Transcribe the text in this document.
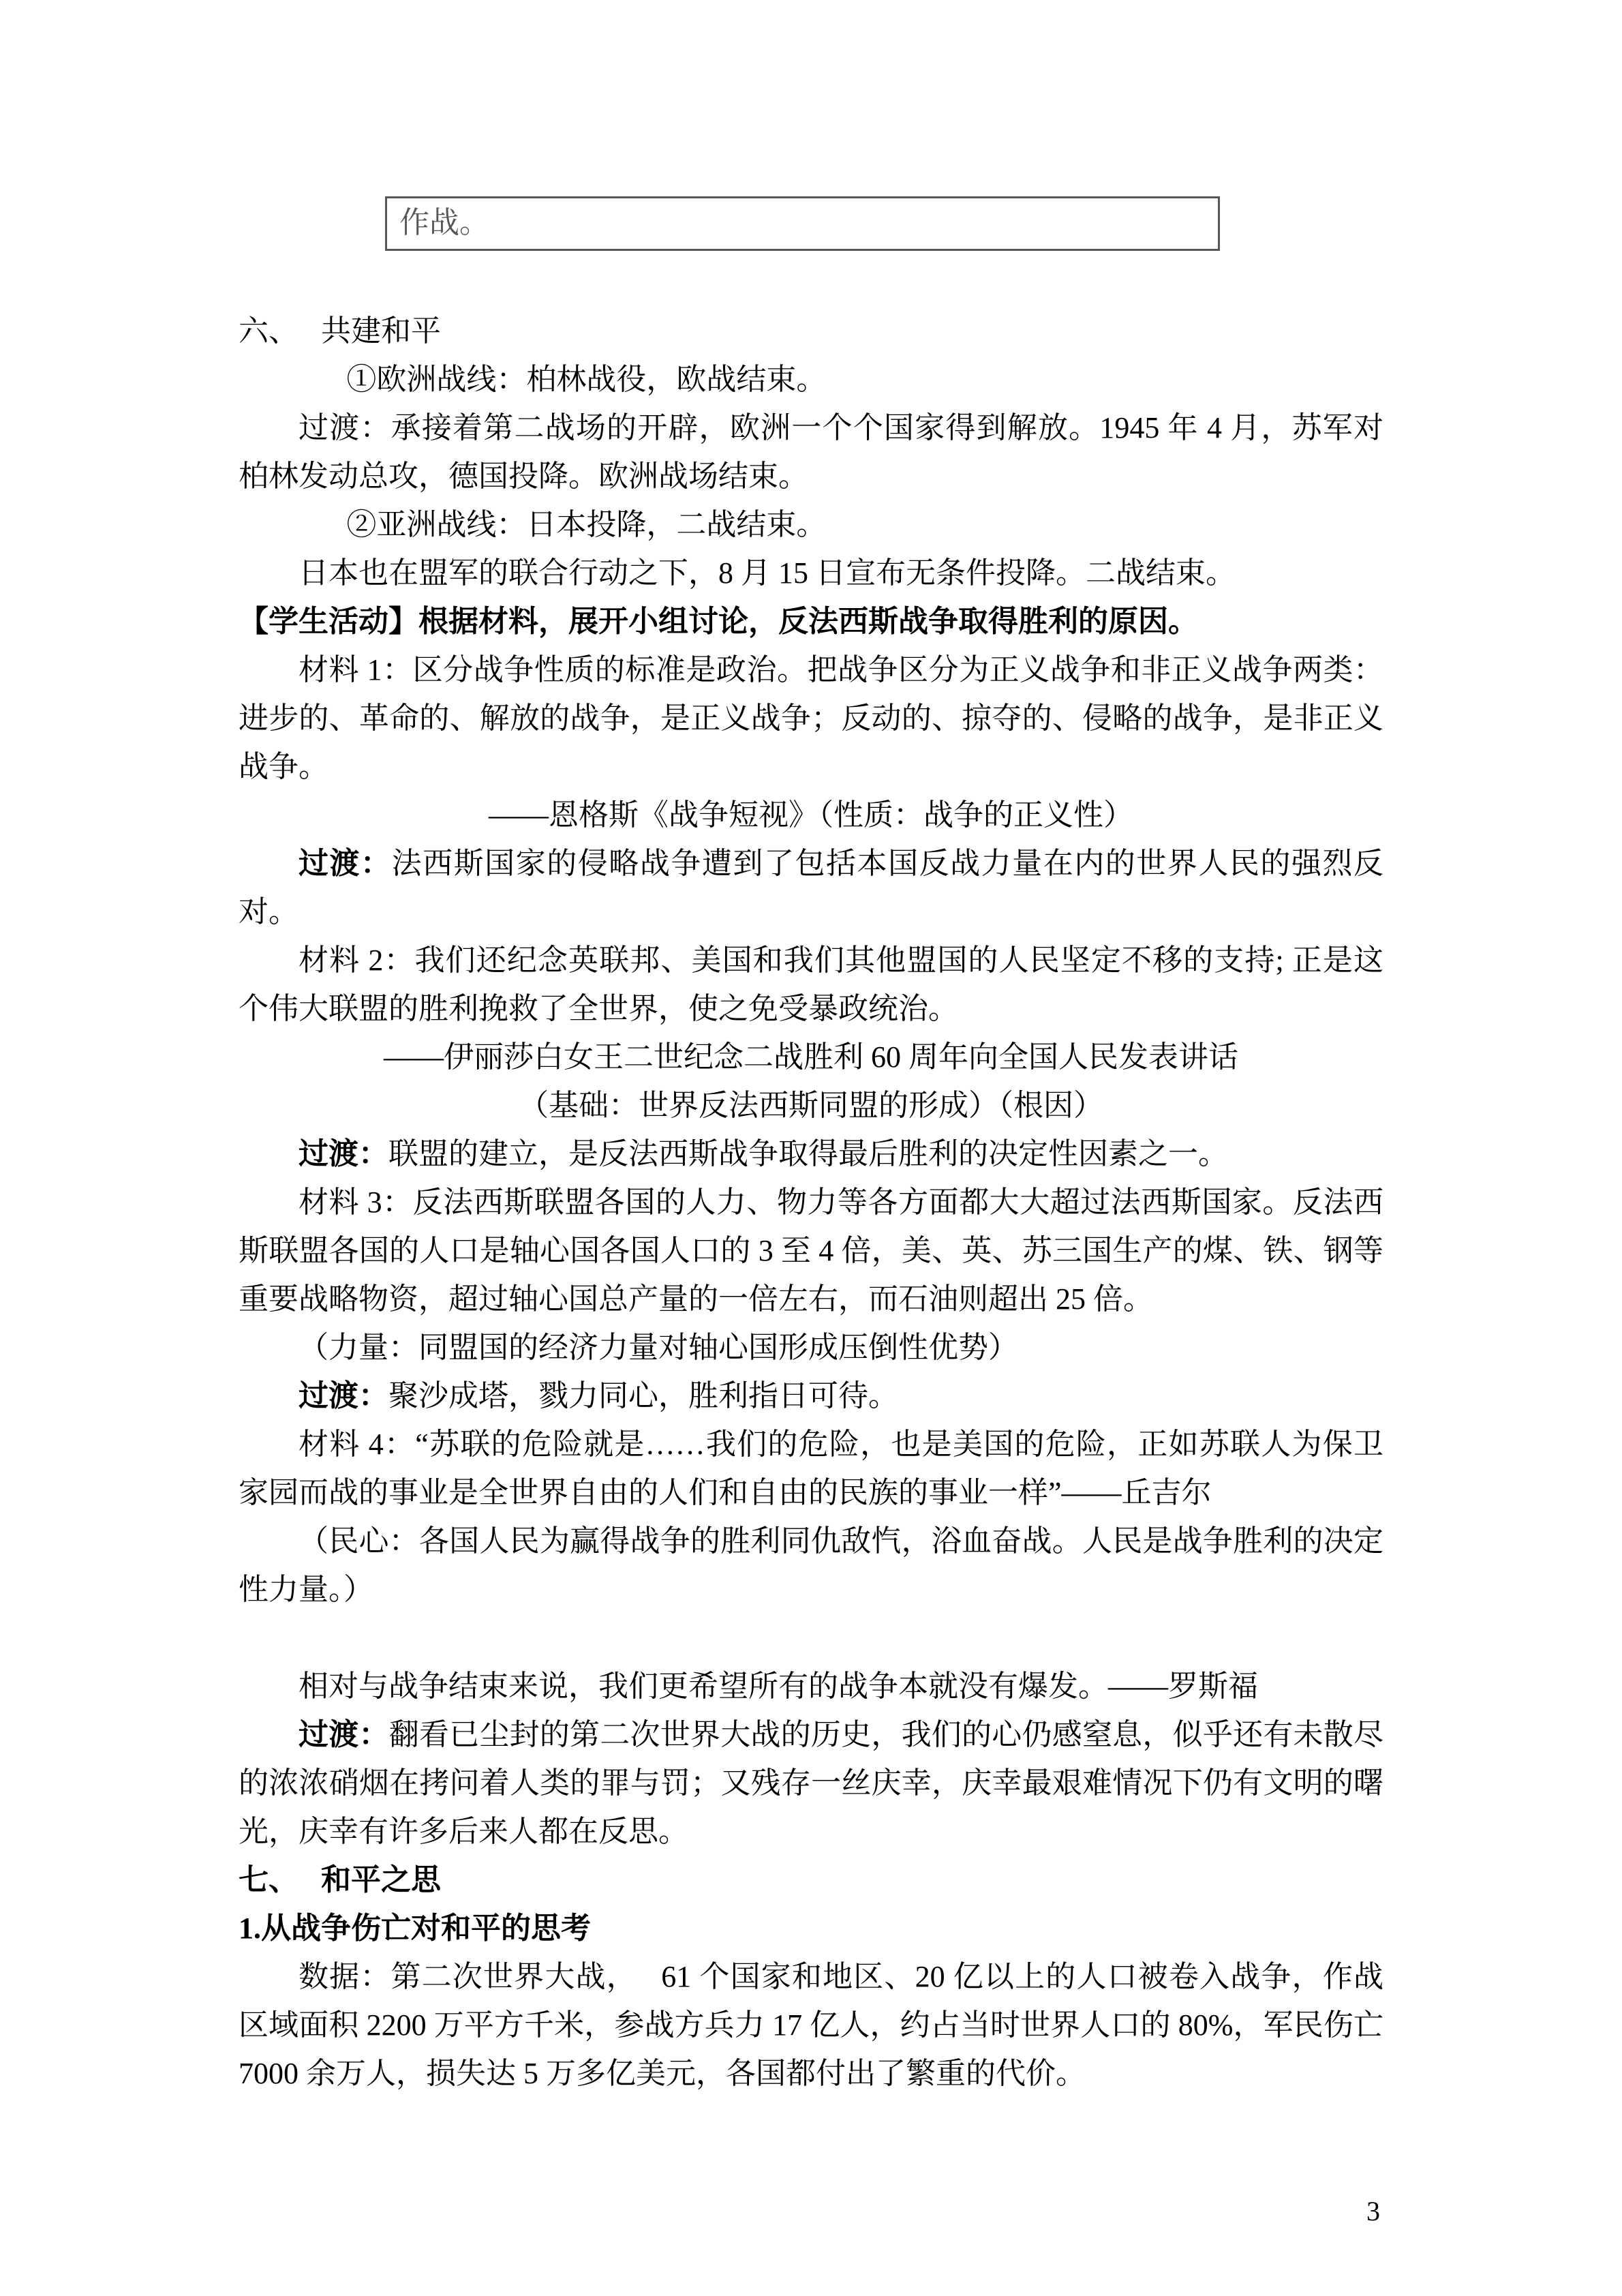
作战。

六、　 共建和平

①欧洲战线：柏林战役，欧战结束。

过渡：承接着第二战场的开辟，欧洲一个个国家得到解放。1945 年 4 月，苏军对柏林发动总攻，德国投降。欧洲战场结束。

②亚洲战线：日本投降，二战结束。

日本也在盟军的联合行动之下，8 月 15 日宣布无条件投降。二战结束。

【学生活动】根据材料，展开小组讨论，反法西斯战争取得胜利的原因。

材料 1：区分战争性质的标准是政治。把战争区分为正义战争和非正义战争两类：进步的、革命的、解放的战争，是正义战争；反动的、掠夺的、侵略的战争，是非正义战争。

——恩格斯《战争短视》（性质：战争的正义性）

过渡：法西斯国家的侵略战争遭到了包括本国反战力量在内的世界人民的强烈反对。

材料 2：我们还纪念英联邦、美国和我们其他盟国的人民坚定不移的支持; 正是这个伟大联盟的胜利挽救了全世界，使之免受暴政统治。

——伊丽莎白女王二世纪念二战胜利 60 周年向全国人民发表讲话

（基础：世界反法西斯同盟的形成）（根因）

过渡：联盟的建立，是反法西斯战争取得最后胜利的决定性因素之一。

材料 3：反法西斯联盟各国的人力、物力等各方面都大大超过法西斯国家。反法西斯联盟各国的人口是轴心国各国人口的 3 至 4 倍，美、英、苏三国生产的煤、铁、钢等重要战略物资，超过轴心国总产量的一倍左右，而石油则超出 25 倍。

（力量：同盟国的经济力量对轴心国形成压倒性优势）

过渡：聚沙成塔，戮力同心，胜利指日可待。

材料 4：“苏联的危险就是……我们的危险，也是美国的危险，正如苏联人为保卫家园而战的事业是全世界自由的人们和自由的民族的事业一样”——丘吉尔

（民心：各国人民为赢得战争的胜利同仇敌忾，浴血奋战。人民是战争胜利的决定性力量。）

相对与战争结束来说，我们更希望所有的战争本就没有爆发。——罗斯福

过渡：翻看已尘封的第二次世界大战的历史，我们的心仍感窒息，似乎还有未散尽的浓浓硝烟在拷问着人类的罪与罚；又残存一丝庆幸，庆幸最艰难情况下仍有文明的曙光，庆幸有许多后来人都在反思。

七、　 和平之思

1.从战争伤亡对和平的思考

数据：第二次世界大战，　 61 个国家和地区、20 亿以上的人口被卷入战争，作战区域面积 2200 万平方千米，参战方兵力 17 亿人，约占当时世界人口的 80%，军民伤亡 7000 余万人，损失达 5 万多亿美元，各国都付出了繁重的代价。

3
